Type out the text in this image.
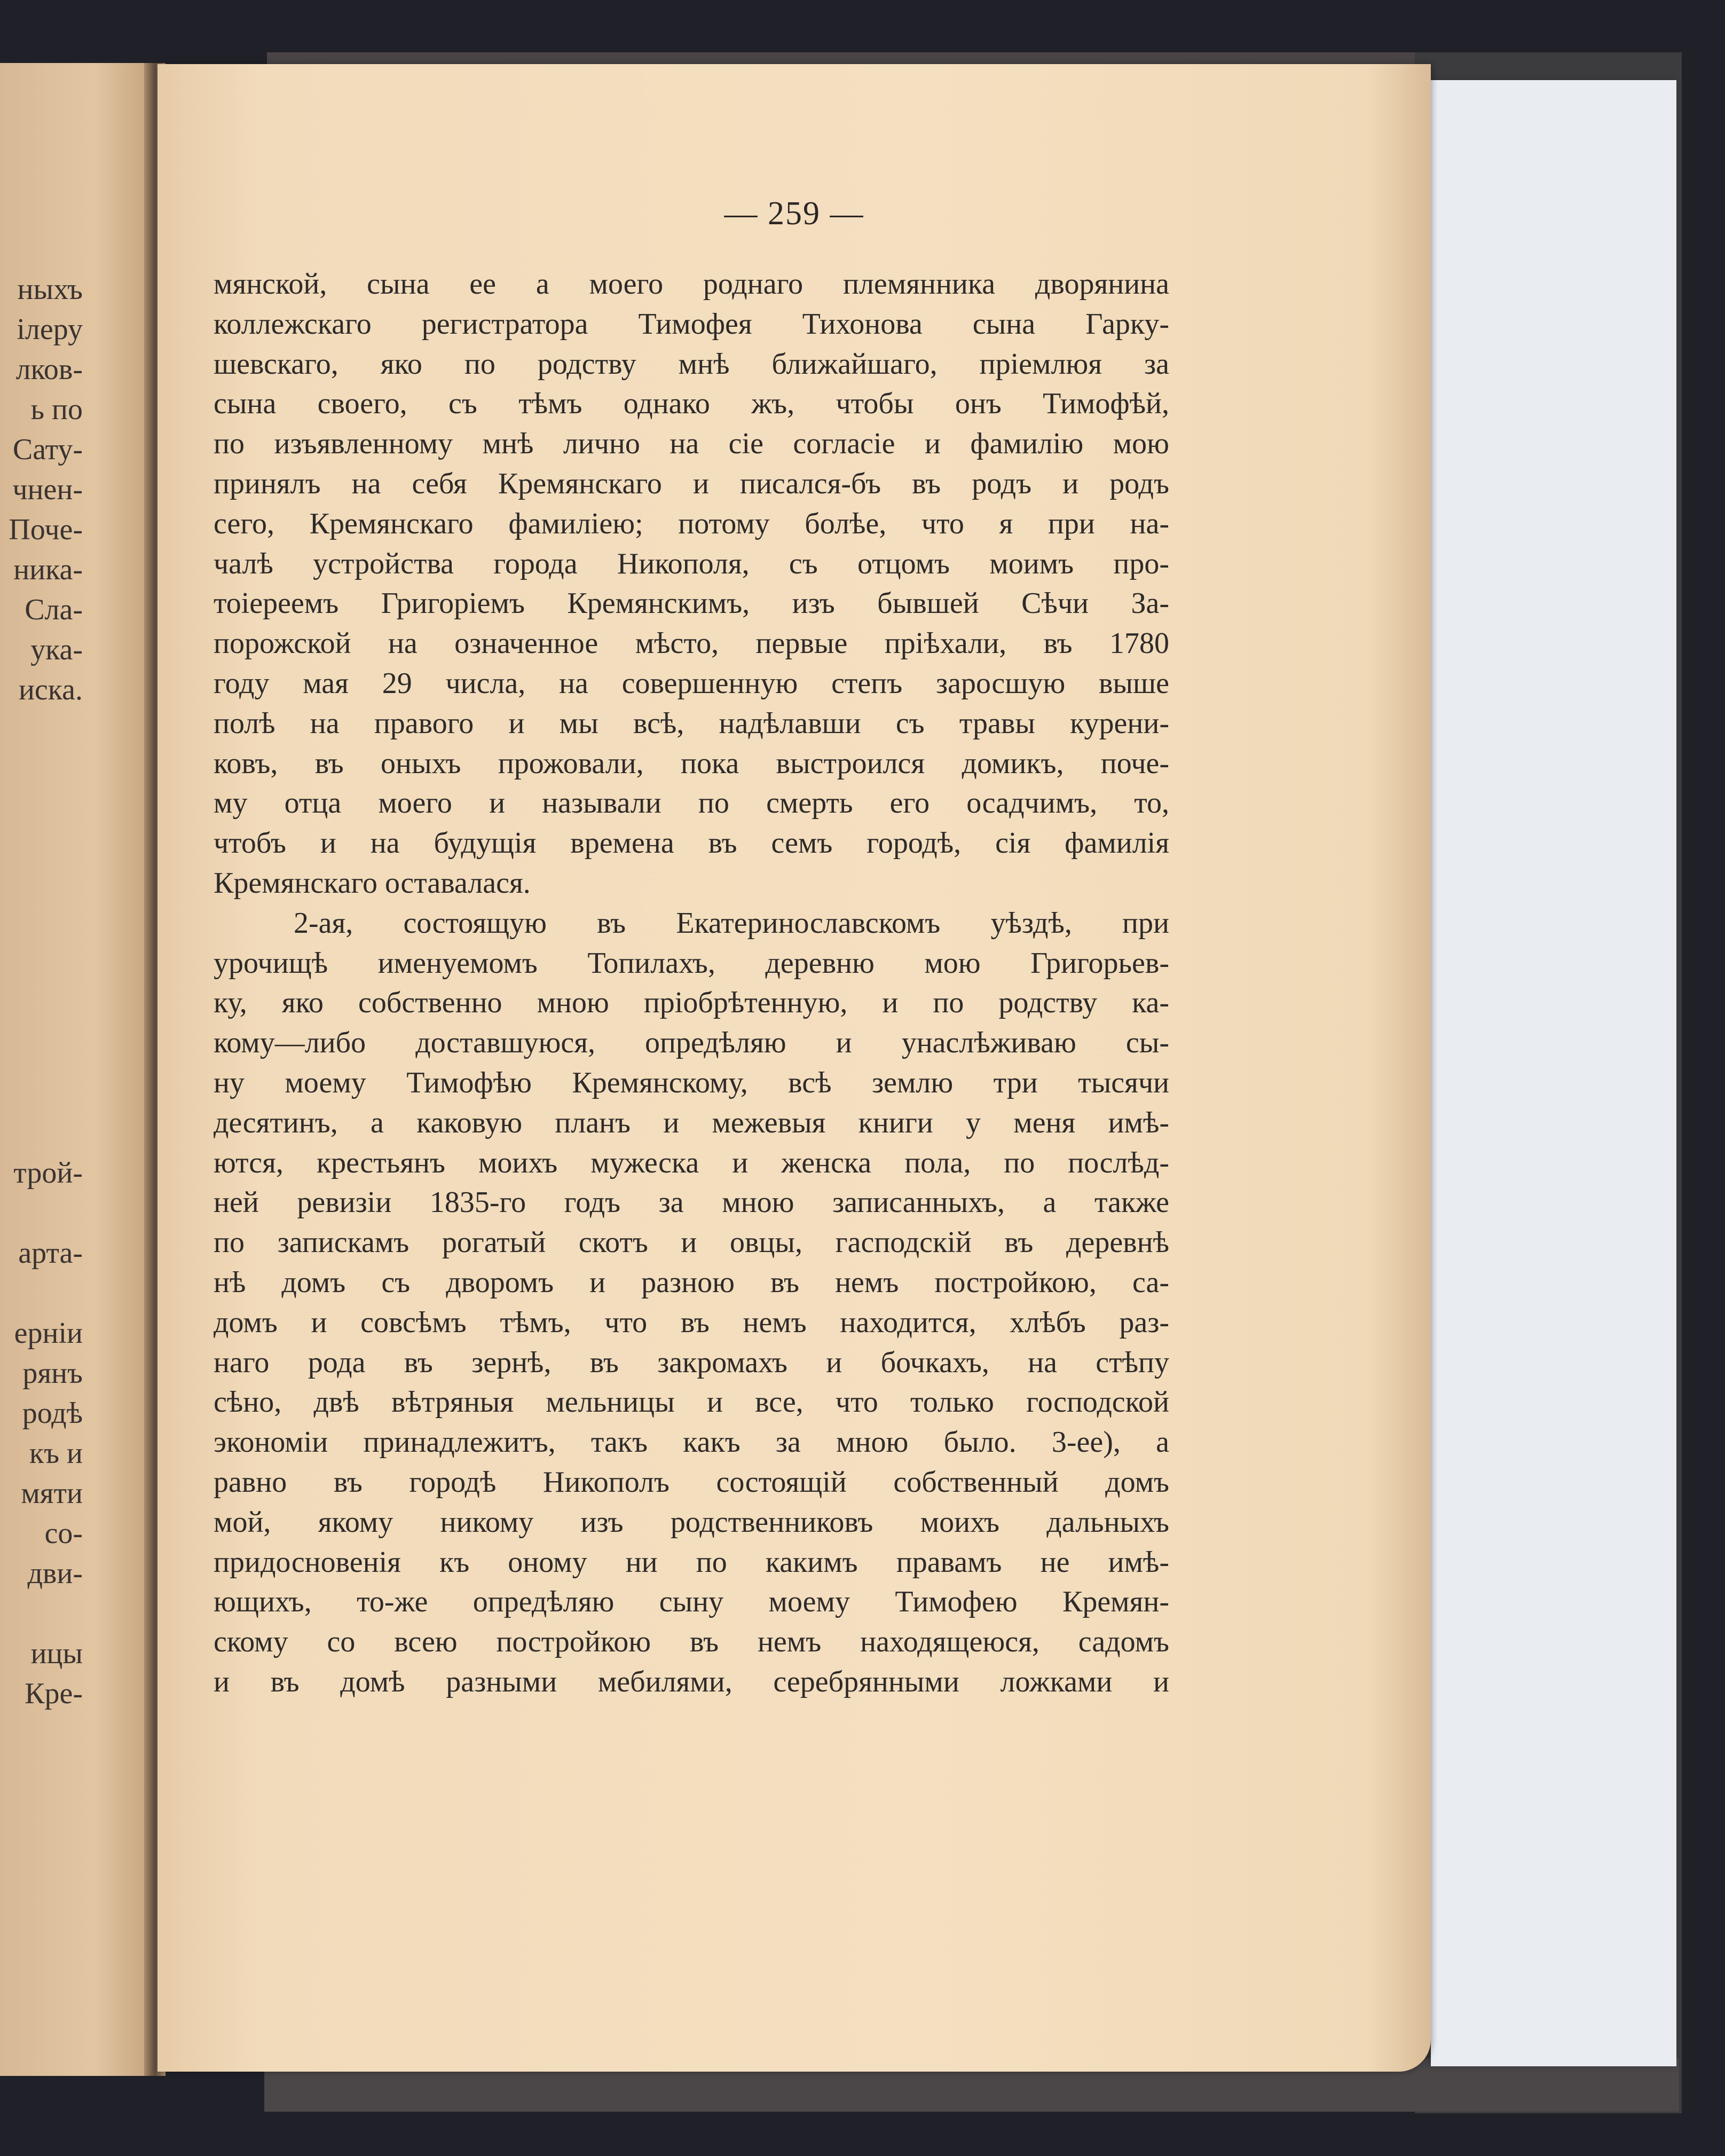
ныхъ
ілеру
лков-
ь по
Сату-
чнен-
Поче-
ника-
Сла-
ука-
иска.
трой-
арта-
ерніи
рянъ
родѣ
къ и
мяти
со-
дви-
ицы
Кре-
— 259 —
мянской, сына ее а моего роднаго племянника дворянина
коллежскаго регистратора Тимофея Тихонова сына Гарку-
шевскаго, яко по родству мнѣ ближайшаго, пріемлюя за
сына своего, съ тѣмъ однако жъ, чтобы онъ Тимофѣй,
по изъявленному мнѣ лично на сіе согласіе и фамилію мою
принялъ на себя Кремянскаго и писался-бъ въ родъ и родъ
сего, Кремянскаго фамиліею; потому болѣе, что я при на-
чалѣ устройства города Никополя, съ отцомъ моимъ про-
тоіереемъ Григоріемъ Кремянскимъ, изъ бывшей Сѣчи За-
порожской на означенное мѣсто, первые пріѣхали, въ 1780
году мая 29 числа, на совершенную степъ заросшую выше
полѣ на правого и мы всѣ, надѣлавши съ травы курени-
ковъ, въ оныхъ прожовали, пока выстроился домикъ, поче-
му отца моего и называли по смерть его осадчимъ, то,
чтобъ и на будущія времена въ семъ городѣ, сія фамилія
Кремянскаго оставалася.
2-ая, состоящую въ Екатеринославскомъ уѣздѣ, при
урочищѣ именуемомъ Топилахъ, деревню мою Григорьев-
ку, яко собственно мною пріобрѣтенную, и по родству ка-
кому—либо доставшуюся, опредѣляю и унаслѣживаю сы-
ну моему Тимофѣю Кремянскому, всѣ землю три тысячи
десятинъ, а каковую планъ и межевыя книги у меня имѣ-
ются, крестьянъ моихъ мужеска и женска пола, по послѣд-
ней ревизіи 1835-го годъ за мною записанныхъ, а также
по запискамъ рогатый скотъ и овцы, гасподскій въ деревнѣ
нѣ домъ съ дворомъ и разною въ немъ постройкою, са-
домъ и совсѣмъ тѣмъ, что въ немъ находится, хлѣбъ раз-
наго рода въ зернѣ, въ закромахъ и бочкахъ, на стѣпу
сѣно, двѣ вѣтряныя мельницы и все, что только господской
экономіи принадлежитъ, такъ какъ за мною было. 3-ее), а
равно въ городѣ Никополъ состоящій собственный домъ
мой, якому никому изъ родственниковъ моихъ дальныхъ
придосновенія къ оному ни по какимъ правамъ не имѣ-
ющихъ, то-же опредѣляю сыну моему Тимофею Кремян-
скому со всею постройкою въ немъ находящеюся, садомъ
и въ домѣ разными мебилями, серебрянными ложками и
